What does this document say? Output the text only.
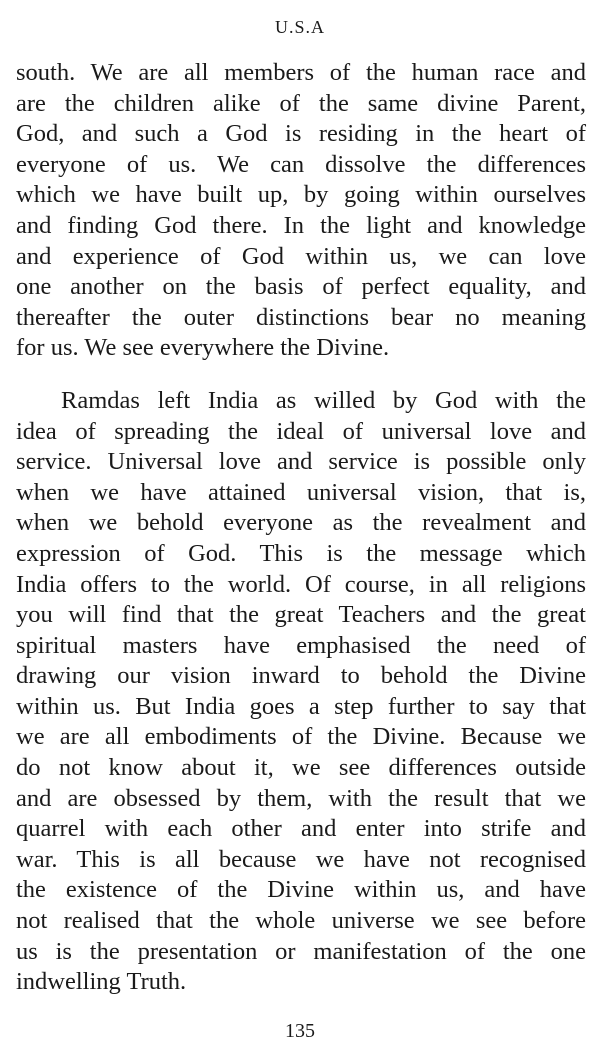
U.S.A
south. We are all members of the human race and
are the children alike of the same divine Parent,
God, and such a God is residing in the heart of
everyone of us. We can dissolve the differences
which we have built up, by going within ourselves
and finding God there. In the light and knowledge
and experience of God within us, we can love
one another on the basis of perfect equality, and
thereafter the outer distinctions bear no meaning
for us. We see everywhere the Divine.
Ramdas left India as willed by God with the
idea of spreading the ideal of universal love and
service. Universal love and service is possible only
when we have attained universal vision, that is,
when we behold everyone as the revealment and
expression of God. This is the message which
India offers to the world. Of course, in all religions
you will find that the great Teachers and the great
spiritual masters have emphasised the need of
drawing our vision inward to behold the Divine
within us. But India goes a step further to say that
we are all embodiments of the Divine. Because we
do not know about it, we see differences outside
and are obsessed by them, with the result that we
quarrel with each other and enter into strife and
war. This is all because we have not recognised
the existence of the Divine within us, and have
not realised that the whole universe we see before
us is the presentation or manifestation of the one
indwelling Truth.
135
